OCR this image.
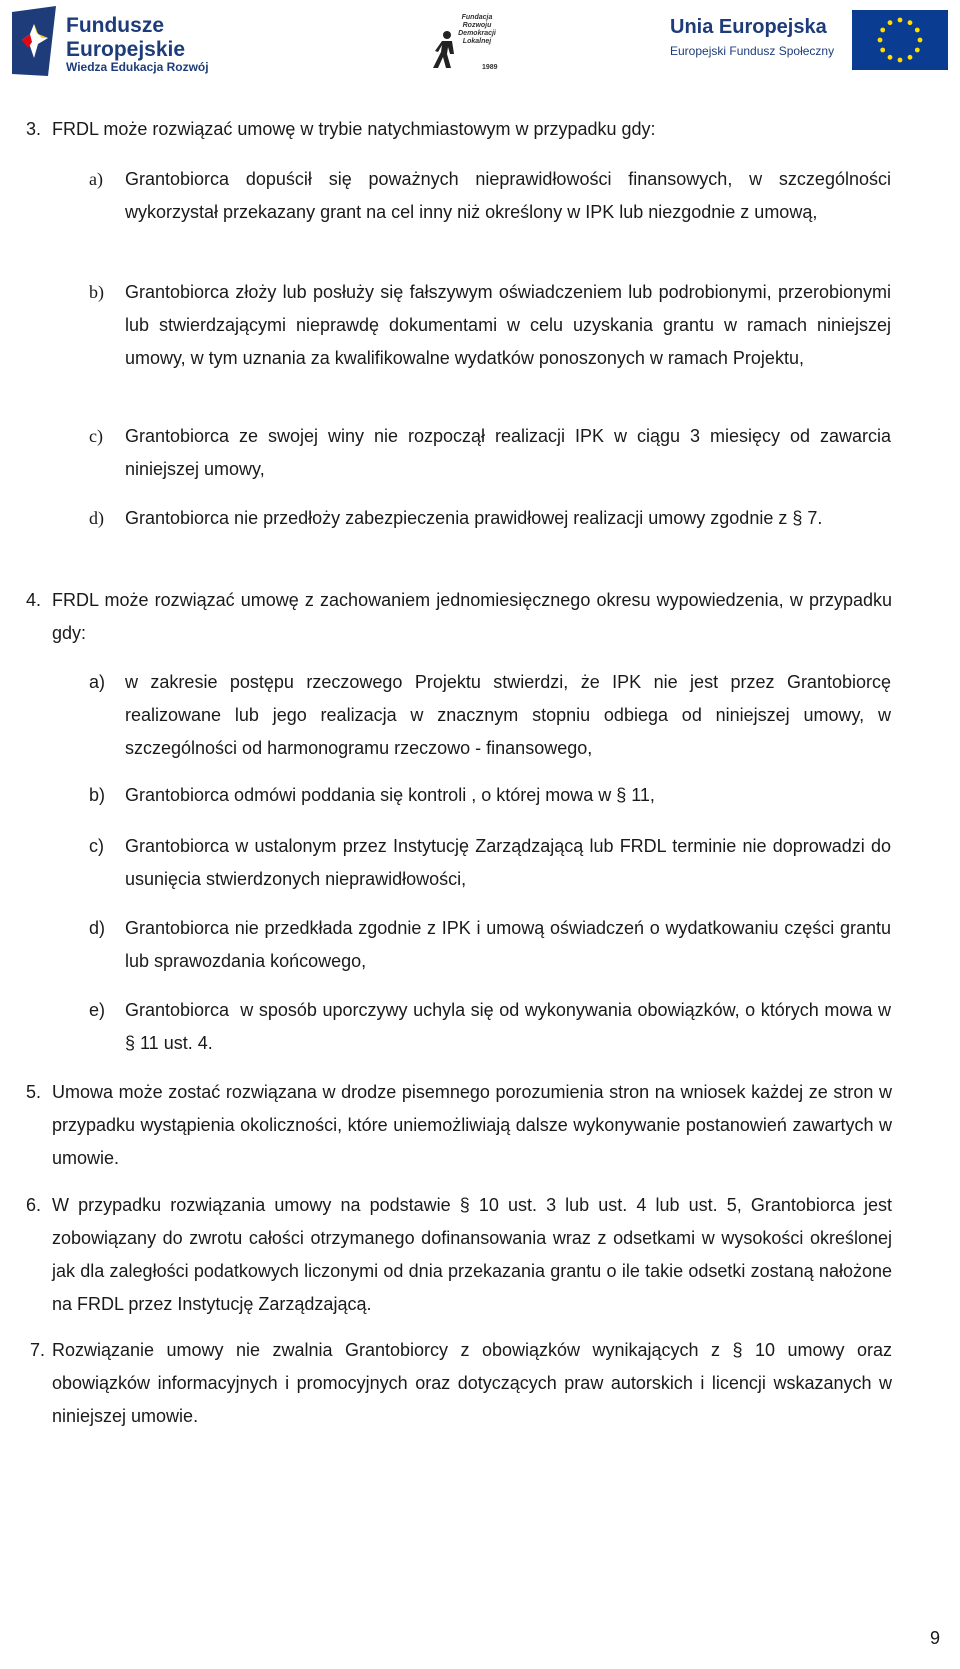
Fundusze
Europejskie
Wiedza Edukacja Rozwój
Fundacja Rozwoju Demokracji Lokalnej
1989
Unia Europejska
Europejski Fundusz Społeczny
3. FRDL może rozwiązać umowę w trybie natychmiastowym w przypadku gdy:
a) Grantobiorca dopuścił się poważnych nieprawidłowości finansowych, w szczególności wykorzystał przekazany grant na cel inny niż określony w IPK lub niezgodnie z umową,
b) Grantobiorca złoży lub posłuży się fałszywym oświadczeniem lub podrobionymi, przerobionymi lub stwierdzającymi nieprawdę dokumentami w celu uzyskania grantu w ramach niniejszej umowy, w tym uznania za kwalifikowalne wydatków ponoszonych w ramach Projektu,
c) Grantobiorca ze swojej winy nie rozpoczął realizacji IPK w ciągu 3 miesięcy od zawarcia niniejszej umowy,
d) Grantobiorca nie przedłoży zabezpieczenia prawidłowej realizacji umowy zgodnie z § 7.
4. FRDL może rozwiązać umowę z zachowaniem jednomiesięcznego okresu wypowiedzenia, w przypadku gdy:
a) w zakresie postępu rzeczowego Projektu stwierdzi, że IPK nie jest przez Grantobiorcę realizowane lub jego realizacja w znacznym stopniu odbiega od niniejszej umowy, w szczególności od harmonogramu rzeczowo - finansowego,
b) Grantobiorca odmówi poddania się kontroli , o której mowa w § 11,
c) Grantobiorca w ustalonym przez Instytucję Zarządzającą lub FRDL terminie nie doprowadzi do usunięcia stwierdzonych nieprawidłowości,
d) Grantobiorca nie przedkłada zgodnie z IPK i umową oświadczeń o wydatkowaniu części grantu lub sprawozdania końcowego,
e) Grantobiorca  w sposób uporczywy uchyla się od wykonywania obowiązków, o których mowa w § 11 ust. 4.
5. Umowa może zostać rozwiązana w drodze pisemnego porozumienia stron na wniosek każdej ze stron w przypadku wystąpienia okoliczności, które uniemożliwiają dalsze wykonywanie postanowień zawartych w umowie.
6. W przypadku rozwiązania umowy na podstawie § 10 ust. 3 lub ust. 4 lub ust. 5, Grantobiorca jest zobowiązany do zwrotu całości otrzymanego dofinansowania wraz z odsetkami w wysokości określonej jak dla zaległości podatkowych liczonymi od dnia przekazania grantu o ile takie odsetki zostaną nałożone na FRDL przez Instytucję Zarządzającą.
7. Rozwiązanie umowy nie zwalnia Grantobiorcy z obowiązków wynikających z § 10 umowy oraz obowiązków informacyjnych i promocyjnych oraz dotyczących praw autorskich i licencji wskazanych w niniejszej umowie.
9
